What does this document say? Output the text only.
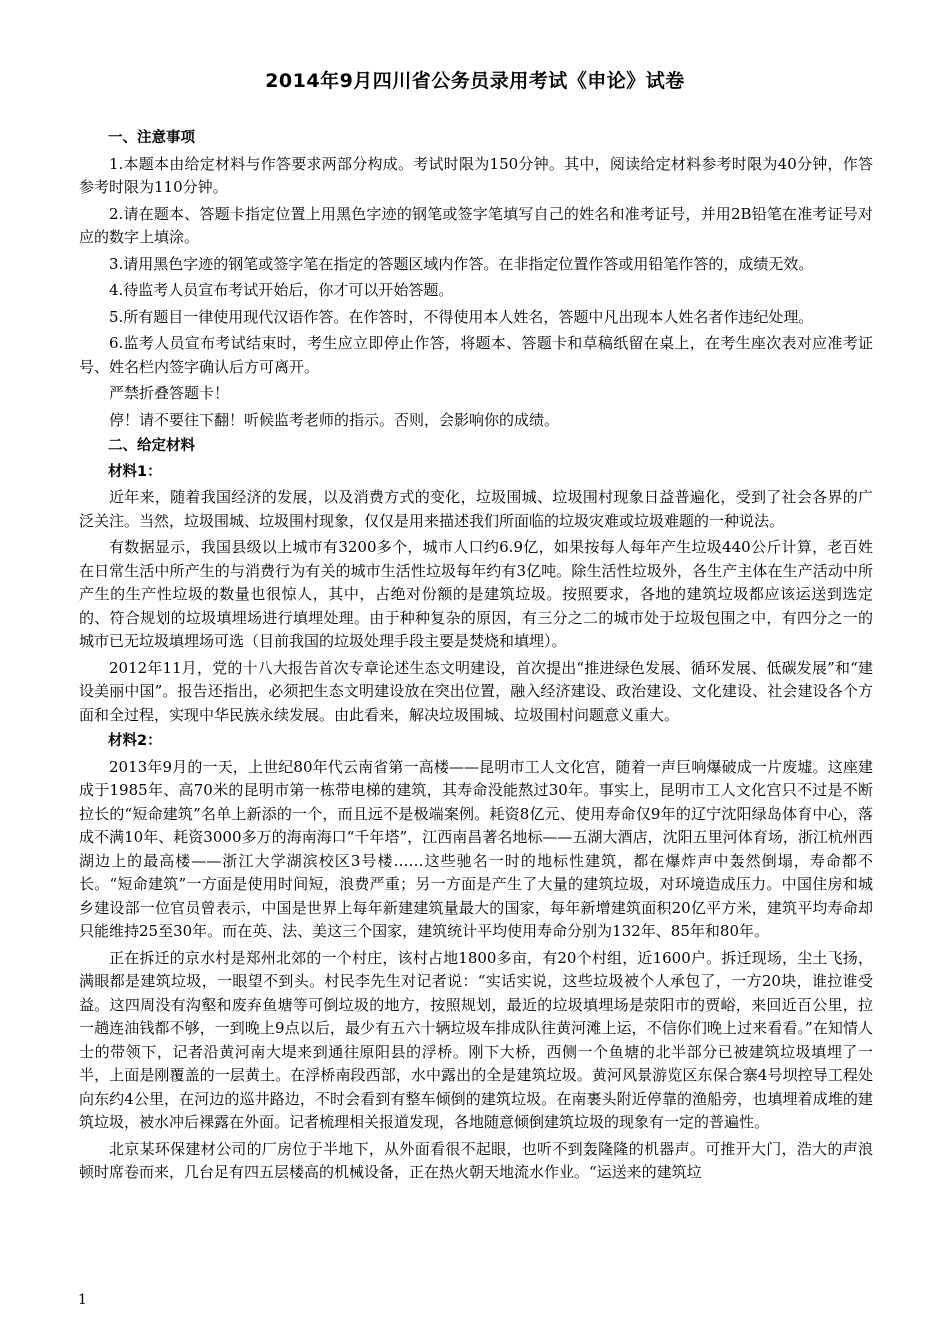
2014年9月四川省公务员录用考试《申论》试卷
一、注意事项

1.本题本由给定材料与作答要求两部分构成。考试时限为150分钟。其中，阅读给定材料参考时限为40分钟，作答参考时限为110分钟。

2.请在题本、答题卡指定位置上用黑色字迹的钢笔或签字笔填写自己的姓名和准考证号，并用2B铅笔在准考证号对应的数字上填涂。

3.请用黑色字迹的钢笔或签字笔在指定的答题区域内作答。在非指定位置作答或用铅笔作答的，成绩无效。

4.待监考人员宣布考试开始后，你才可以开始答题。

5.所有题目一律使用现代汉语作答。在作答时，不得使用本人姓名，答题中凡出现本人姓名者作违纪处理。

6.监考人员宣布考试结束时，考生应立即停止作答，将题本、答题卡和草稿纸留在桌上，在考生座次表对应准考证号、姓名栏内签字确认后方可离开。

严禁折叠答题卡！

停！请不要往下翻！听候监考老师的指示。否则，会影响你的成绩。

二、给定材料
材料1：

近年来，随着我国经济的发展，以及消费方式的变化，垃圾围城、垃圾围村现象日益普遍化，受到了社会各界的广泛关注。当然，垃圾围城、垃圾围村现象，仅仅是用来描述我们所面临的垃圾灾难或垃圾难题的一种说法。

有数据显示，我国县级以上城市有3200多个，城市人口约6.9亿，如果按每人每年产生垃圾440公斤计算，老百姓在日常生活中所产生的与消费行为有关的城市生活性垃圾每年约有3亿吨。除生活性垃圾外，各生产主体在生产活动中所产生的生产性垃圾的数量也很惊人，其中，占绝对份额的是建筑垃圾。按照要求，各地的建筑垃圾都应该运送到选定的、符合规划的垃圾填埋场进行填埋处理。由于种种复杂的原因，有三分之二的城市处于垃圾包围之中，有四分之一的城市已无垃圾填埋场可选（目前我国的垃圾处理手段主要是焚烧和填埋）。

2012年11月，党的十八大报告首次专章论述生态文明建设，首次提出“推进绿色发展、循环发展、低碳发展”和“建设美丽中国”。报告还指出，必须把生态文明建设放在突出位置，融入经济建设、政治建设、文化建设、社会建设各个方面和全过程，实现中华民族永续发展。由此看来，解决垃圾围城、垃圾围村问题意义重大。

材料2：

2013年9月的一天，上世纪80年代云南省第一高楼——昆明市工人文化宫，随着一声巨响爆破成一片废墟。这座建成于1985年、高70米的昆明市第一栋带电梯的建筑，其寿命没能熬过30年。事实上，昆明市工人文化宫只不过是不断拉长的“短命建筑”名单上新添的一个，而且远不是极端案例。耗资8亿元、使用寿命仅9年的辽宁沈阳绿岛体育中心，落成不满10年、耗资3000多万的海南海口“千年塔”，江西南昌著名地标——五湖大酒店，沈阳五里河体育场，浙江杭州西湖边上的最高楼——浙江大学湖滨校区3号楼……这些驰名一时的地标性建筑，都在爆炸声中轰然倒塌，寿命都不长。“短命建筑”一方面是使用时间短，浪费严重；另一方面是产生了大量的建筑垃圾，对环境造成压力。中国住房和城乡建设部一位官员曾表示，中国是世界上每年新建建筑量最大的国家，每年新增建筑面积20亿平方米，建筑平均寿命却只能维持25至30年。而在英、法、美这三个国家，建筑统计平均使用寿命分别为132年、85年和80年。

正在拆迁的京水村是郑州北郊的一个村庄，该村占地1800多亩，有20个村组，近1600户。拆迁现场，尘土飞扬，满眼都是建筑垃圾，一眼望不到头。村民李先生对记者说：“实话实说，这些垃圾被个人承包了，一方20块，谁拉谁受益。这四周没有沟壑和废弃鱼塘等可倒垃圾的地方，按照规划，最近的垃圾填埋场是荥阳市的贾峪，来回近百公里，拉一趟连油钱都不够，一到晚上9点以后，最少有五六十辆垃圾车排成队往黄河滩上运，不信你们晚上过来看看。”在知情人士的带领下，记者沿黄河南大堤来到通往原阳县的浮桥。刚下大桥，西侧一个鱼塘的北半部分已被建筑垃圾填埋了一半，上面是刚覆盖的一层黄土。在浮桥南段西部，水中露出的全是建筑垃圾。黄河风景游览区东保合寨4号坝控导工程处向东约4公里，在河边的巡井路边，不时会看到有整车倾倒的建筑垃圾。在南裹头附近停靠的渔船旁，也填埋着成堆的建筑垃圾，被水冲后裸露在外面。记者梳理相关报道发现，各地随意倾倒建筑垃圾的现象有一定的普遍性。

北京某环保建材公司的厂房位于半地下，从外面看很不起眼，也听不到轰隆隆的机器声。可推开大门，浩大的声浪顿时席卷而来，几台足有四五层楼高的机械设备，正在热火朝天地流水作业。“运送来的建筑垃

1
